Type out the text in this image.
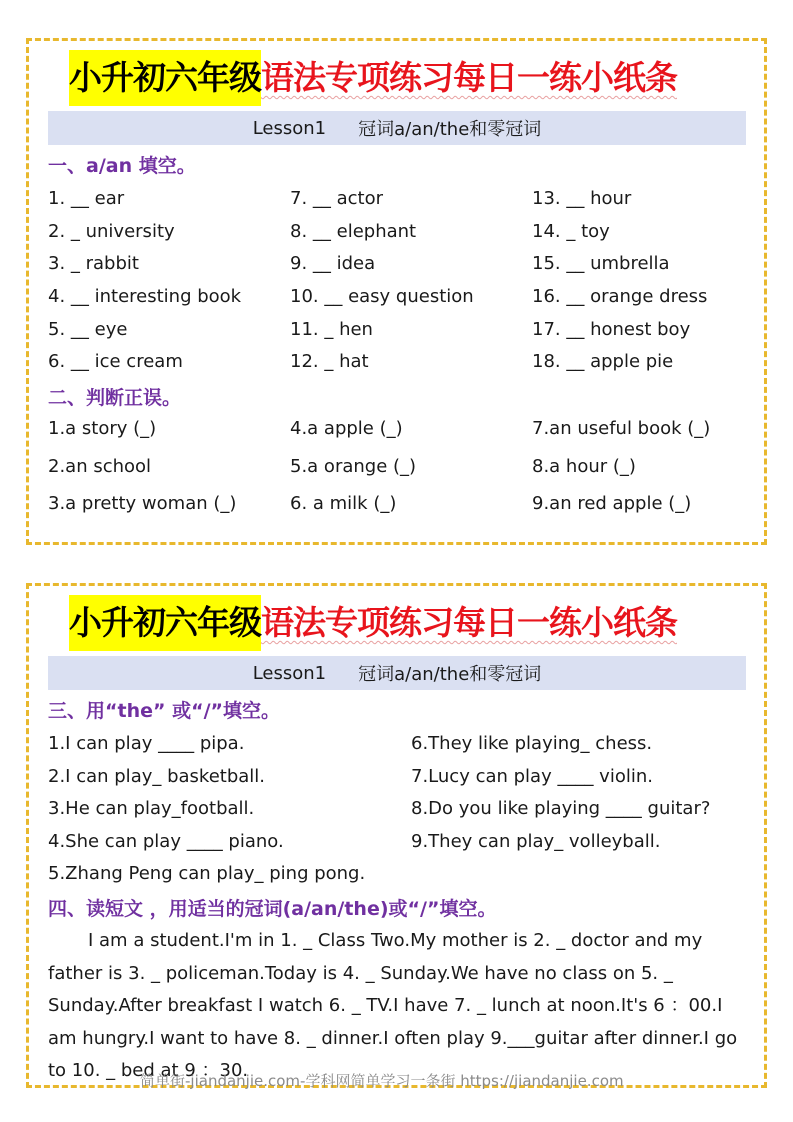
小升初六年级 语法专项练习每日一练小纸条
Lesson1 冠词a/an/the和零冠词
一、a/an 填空。
1. __ ear
2. _ university
3. _ rabbit
4. __ interesting book
5. __ eye
6. __ ice cream
7. __ actor
8. __ elephant
9. __ idea
10. __ easy question
11. _ hen
12. _ hat
13. __ hour
14. _ toy
15. __ umbrella
16. __ orange dress
17. __ honest boy
18. __ apple pie
二、判断正误。
1.a story (_)
2.an school
3.a pretty woman (_)
4.a apple (_)
5.a orange (_)
6. a milk (_)
7.an useful book (_)
8.a hour (_)
9.an red apple (_)
小升初六年级 语法专项练习每日一练小纸条
Lesson1 冠词a/an/the和零冠词
三、用“the” 或“/”填空。
1.I can play ____ pipa.
2.I can play_ basketball.
3.He can play_football.
4.She can play ____ piano.
5.Zhang Peng can play_ ping pong.
6.They like playing_ chess.
7.Lucy can play ____ violin.
8.Do you like playing ____ guitar?
9.They can play_ volleyball.
四、读短文 ，用适当的冠词(a/an/the)或“/”填空。
I am a student.I'm in 1. _ Class Two.My mother is 2. _ doctor and my father is 3. _ policeman.Today is 4. _ Sunday.We have no class on 5. _ Sunday.After breakfast I watch 6. _ TV.I have 7. _ lunch at noon.It's 6 ：00.I am hungry.I want to have 8. _ dinner.I often play 9.___guitar after dinner.I go to 10. _ bed at 9 ：30.
简单街-jiandanjie.com-学科网简单学习一条街 https://jiandanjie.com
